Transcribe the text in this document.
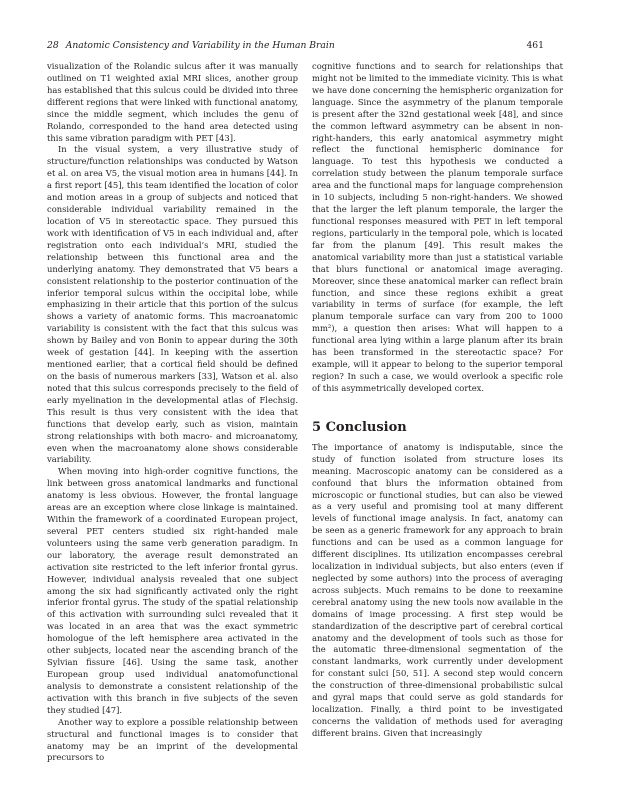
28 Anatomic Consistency and Variability in the Human Brain	461

visualization of the Rolandic sulcus after it was manually outlined on T1 weighted axial MRI slices, another group has established that this sulcus could be divided into three different regions that were linked with functional anatomy, since the middle segment, which includes the genu of Rolando, corresponded to the hand area detected using this same vibration paradigm with PET [43].

In the visual system, a very illustrative study of structure/function relationships was conducted by Watson et al. on area V5, the visual motion area in humans [44]. In a first report [45], this team identified the location of color and motion areas in a group of subjects and noticed that considerable individual variability remained in the location of V5 in stereotactic space. They pursued this work with identification of V5 in each individual and, after registration onto each individual’s MRI, studied the relationship between this functional area and the underlying anatomy. They demonstrated that V5 bears a consistent relationship to the posterior continuation of the inferior temporal sulcus within the occipital lobe, while emphasizing in their article that this portion of the sulcus shows a variety of anatomic forms. This macroanatomic variability is consistent with the fact that this sulcus was shown by Bailey and von Bonin to appear during the 30th week of gestation [44]. In keeping with the assertion mentioned earlier, that a cortical field should be defined on the basis of numerous markers [33], Watson et al. also noted that this sulcus corresponds precisely to the field of early myelination in the developmental atlas of Flechsig. This result is thus very consistent with the idea that functions that develop early, such as vision, maintain strong relationships with both macro- and microanatomy, even when the macroanatomy alone shows considerable variability.

When moving into high-order cognitive functions, the link between gross anatomical landmarks and functional anatomy is less obvious. However, the frontal language areas are an exception where close linkage is maintained. Within the framework of a coordinated European project, several PET centers studied six right-handed male volunteers using the same verb generation paradigm. In our laboratory, the average result demonstrated an activation site restricted to the left inferior frontal gyrus. However, individual analysis revealed that one subject among the six had significantly activated only the right inferior frontal gyrus. The study of the spatial relationship of this activation with surrounding sulci revealed that it was located in an area that was the exact symmetric homologue of the left hemisphere area activated in the other subjects, located near the ascending branch of the Sylvian fissure [46]. Using the same task, another European group used individual anatomofunctional analysis to demonstrate a consistent relationship of the activation with this branch in five subjects of the seven they studied [47].

Another way to explore a possible relationship between structural and functional images is to consider that anatomy may be an imprint of the developmental precursors to

cognitive functions and to search for relationships that might not be limited to the immediate vicinity. This is what we have done concerning the hemispheric organization for language. Since the asymmetry of the planum temporale is present after the 32nd gestational week [48], and since the common leftward asymmetry can be absent in non-right-handers, this early anatomical asymmetry might reflect the functional hemispheric dominance for language. To test this hypothesis we conducted a correlation study between the planum temporale surface area and the functional maps for language comprehension in 10 subjects, including 5 non-right-handers. We showed that the larger the left planum temporale, the larger the functional responses measured with PET in left temporal regions, particularly in the temporal pole, which is located far from the planum [49]. This result makes the anatomical variability more than just a statistical variable that blurs functional or anatomical image averaging. Moreover, since these anatomical marker can reflect brain function, and since these regions exhibit a great variability in terms of surface (for example, the left planum temporale surface can vary from 200 to 1000 mm²), a question then arises: What will happen to a functional area lying within a large planum after its brain has been transformed in the stereotactic space? For example, will it appear to belong to the superior temporal region? In such a case, we would overlook a specific role of this asymmetrically developed cortex.

5 Conclusion

The importance of anatomy is indisputable, since the study of function isolated from structure loses its meaning. Macroscopic anatomy can be considered as a confound that blurs the information obtained from microscopic or functional studies, but can also be viewed as a very useful and promising tool at many different levels of functional image analysis. In fact, anatomy can be seen as a generic framework for any approach to brain functions and can be used as a common language for different disciplines. Its utilization encompasses cerebral localization in individual subjects, but also enters (even if neglected by some authors) into the process of averaging across subjects. Much remains to be done to reexamine cerebral anatomy using the new tools now available in the domains of image processing. A first step would be standardization of the descriptive part of cerebral cortical anatomy and the development of tools such as those for the automatic three-dimensional segmentation of the constant landmarks, work currently under development for constant sulci [50, 51]. A second step would concern the construction of three-dimensional probabilistic sulcal and gyral maps that could serve as gold standards for localization. Finally, a third point to be investigated concerns the validation of methods used for averaging different brains. Given that increasingly
